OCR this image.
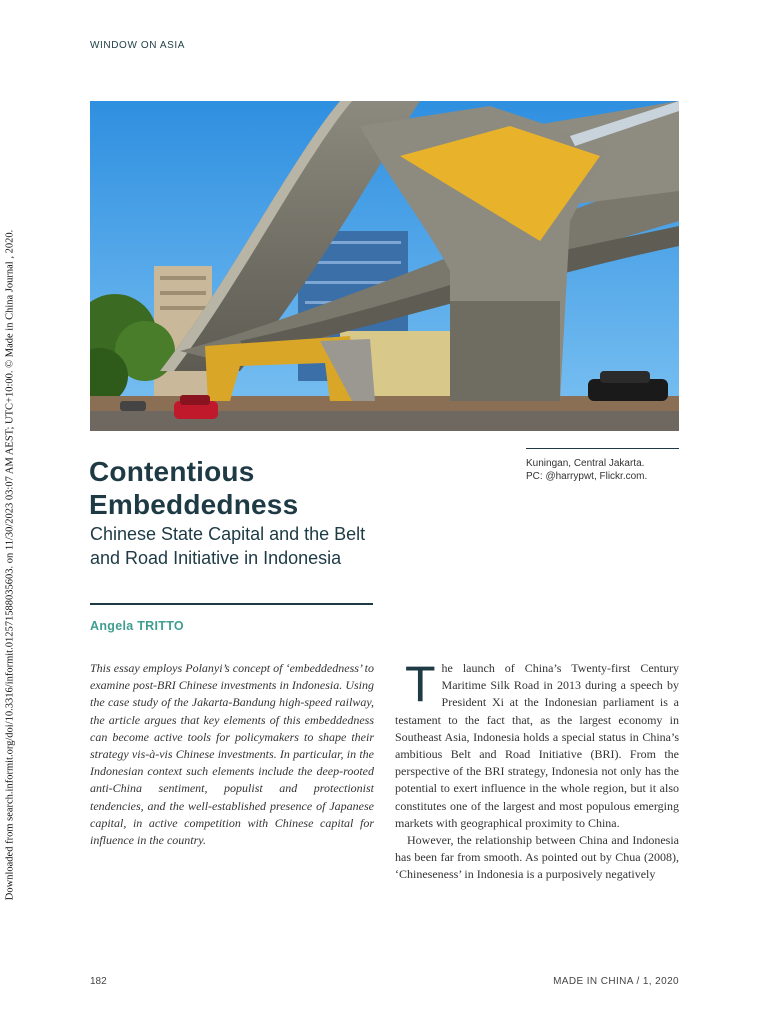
WINDOW ON ASIA
Downloaded from search.informit.org/doi/10.3316/informit.012571588035603. on 11/30/2023 03:07 AM AEST; UTC+10:00. © Made in China Journal , 2020.	Kuningan, Central Jakarta.
PC: @harrypwt, Flickr.com.
Contentious
Embeddedness
Chinese State Capital and the Belt and Road Initiative in Indonesia
Angela TRITTO

This essay employs Polanyi’s concept of ‘embeddedness’ to examine post-BRI Chinese investments in Indonesia. Using the case study of the Jakarta-Bandung high-speed railway, the article argues that key elements of this embeddedness can become active tools for policymakers to shape their strategy vis-à-vis Chinese investments. In particular, in the Indonesian context such elements include the deep-rooted anti-China sentiment, populist and protectionist tendencies, and the well-established presence of Japanese capital, in active competition with Chinese capital for influence in the country.

The launch of China’s Twenty-first Century Maritime Silk Road in 2013 during a speech by President Xi at the Indonesian parliament is a testament to the fact that, as the largest economy in Southeast Asia, Indonesia holds a special status in China’s ambitious Belt and Road Initiative (BRI). From the perspective of the BRI strategy, Indonesia not only has the potential to exert influence in the whole region, but it also constitutes one of the largest and most populous emerging markets with geographical proximity to China.

However, the relationship between China and Indonesia has been far from smooth. As pointed out by Chua (2008), ‘Chineseness’ in Indonesia is a purposively negatively

182	MADE IN CHINA / 1, 2020
